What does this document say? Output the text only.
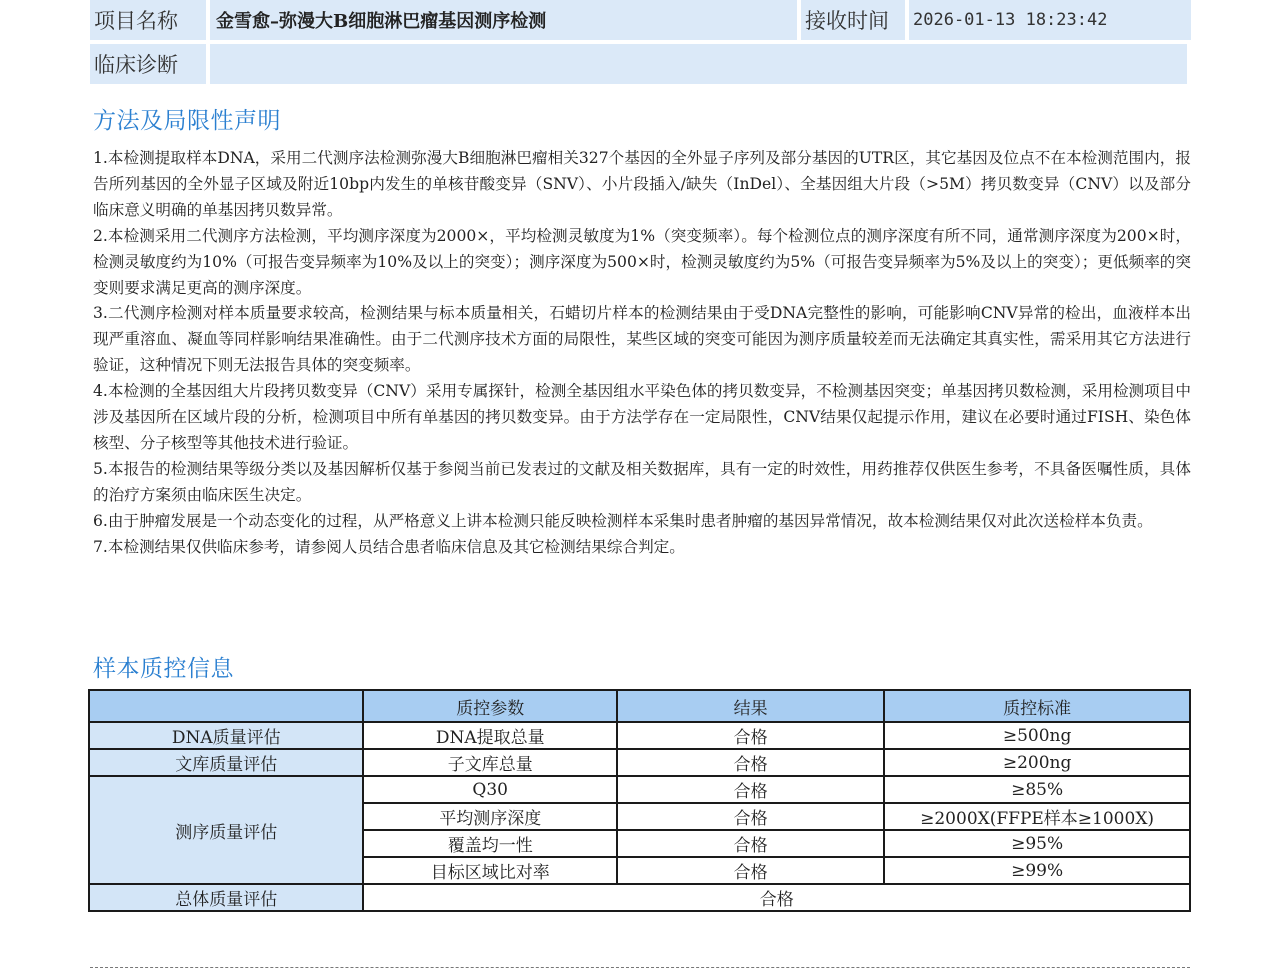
项目名称	金雪愈–弥漫大B细胞淋巴瘤基因测序检测	接收时间 2026-01-13 18:23:42
临床诊断
方法及局限性声明

1.本检测提取样本DNA，采用二代测序法检测弥漫大B细胞淋巴瘤相关327个基因的全外显子序列及部分基因的UTR区，其它基因及位点不在本检测范围内，报告所列基因的全外显子区域及附近10bp内发生的单核苷酸变异（SNV）、小片段插入/缺失（InDel）、全基因组大片段（>5M）拷贝数变异（CNV）以及部分临床意义明确的单基因拷贝数异常。

2.本检测采用二代测序方法检测，平均测序深度为2000×，平均检测灵敏度为1%（突变频率）。每个检测位点的测序深度有所不同，通常测序深度为200×时，检测灵敏度约为10%（可报告变异频率为10%及以上的突变）；测序深度为500×时，检测灵敏度约为5%（可报告变异频率为5%及以上的突变）；更低频率的突变则要求满足更高的测序深度。

3.二代测序检测对样本质量要求较高，检测结果与标本质量相关，石蜡切片样本的检测结果由于受DNA完整性的影响，可能影响CNV异常的检出，血液样本出现严重溶血、凝血等同样影响结果准确性。由于二代测序技术方面的局限性，某些区域的突变可能因为测序质量较差而无法确定其真实性，需采用其它方法进行验证，这种情况下则无法报告具体的突变频率。

4.本检测的全基因组大片段拷贝数变异（CNV）采用专属探针，检测全基因组水平染色体的拷贝数变异，不检测基因突变；单基因拷贝数检测，采用检测项目中涉及基因所在区域片段的分析，检测项目中所有单基因的拷贝数变异。由于方法学存在一定局限性，CNV结果仅起提示作用，建议在必要时通过FISH、染色体核型、分子核型等其他技术进行验证。

5.本报告的检测结果等级分类以及基因解析仅基于参阅当前已发表过的文献及相关数据库，具有一定的时效性，用药推荐仅供医生参考，不具备医嘱性质，具体的治疗方案须由临床医生决定。

6.由于肿瘤发展是一个动态变化的过程，从严格意义上讲本检测只能反映检测样本采集时患者肿瘤的基因异常情况，故本检测结果仅对此次送检样本负责。

7.本检测结果仅供临床参考，请参阅人员结合患者临床信息及其它检测结果综合判定。

样本质控信息
	质控参数	结果	质控标准
DNA质量评估	DNA提取总量	合格	≥500ng
文库质量评估	子文库总量	合格	≥200ng
测序质量评估	Q30	合格	≥85%
	平均测序深度	合格	≥2000X(FFPE样本≥1000X)
	覆盖均一性	合格	≥95%
	目标区域比对率	合格	≥99%
总体质量评估	合格		
